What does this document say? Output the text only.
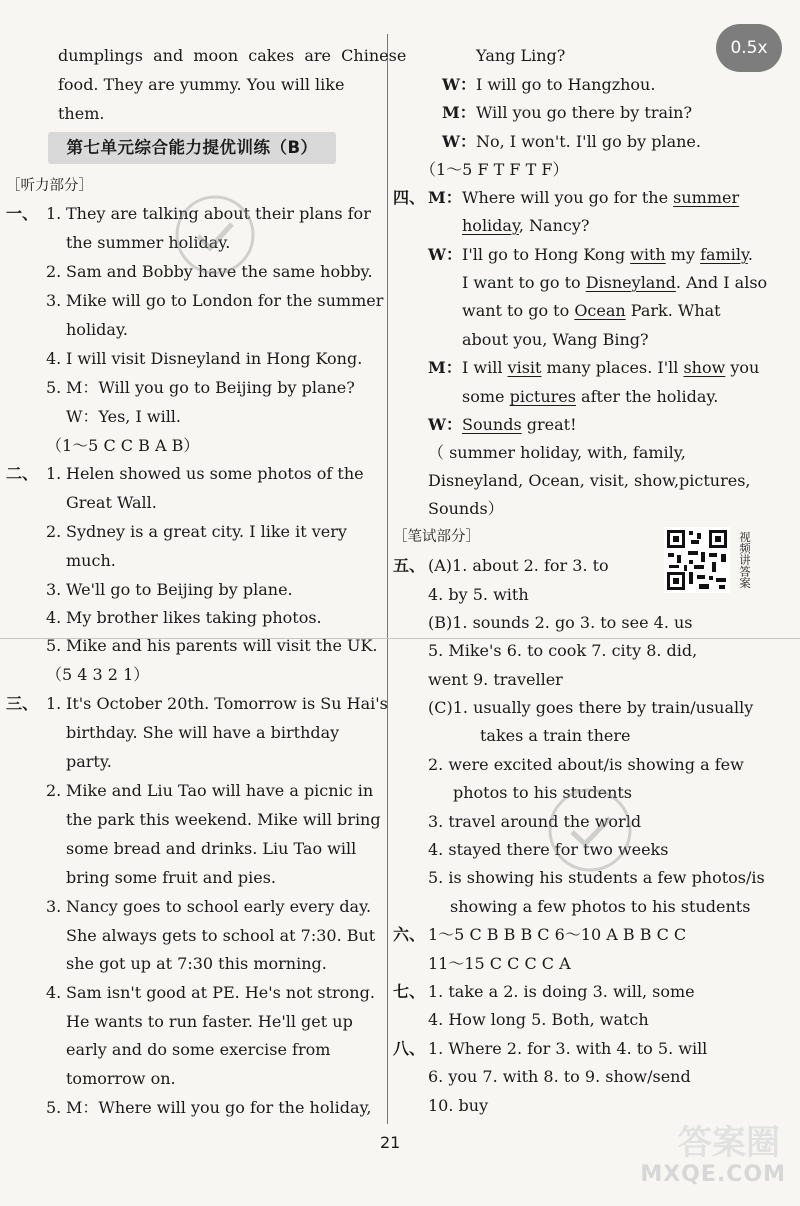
0.5x
dumplings  and  moon  cakes  are  Chinese
food. They are yummy. You will like
them.
第七单元综合能力提优训练（B）
［听力部分］
一、 1. They are talking about their plans for
the summer holiday.
2. Sam and Bobby have the same hobby.
3. Mike will go to London for the summer
holiday.
4. I will visit Disneyland in Hong Kong.
5. M：Will you go to Beijing by plane?
W：Yes, I will.
（1～5 C C B A B）
二、 1. Helen showed us some photos of the
Great Wall.
2. Sydney is a great city. I like it very
much.
3. We'll go to Beijing by plane.
4. My brother likes taking photos.
5. Mike and his parents will visit the UK.
（5 4 3 2 1）
三、 1. It's October 20th. Tomorrow is Su Hai's
birthday. She will have a birthday
party.
2. Mike and Liu Tao will have a picnic in
the park this weekend. Mike will bring
some bread and drinks. Liu Tao will
bring some fruit and pies.
3. Nancy goes to school early every day.
She always gets to school at 7:30. But
she got up at 7:30 this morning.
4. Sam isn't good at PE. He's not strong.
He wants to run faster. He'll get up
early and do some exercise from
tomorrow on.
5. M：Where will you go for the holiday,
Yang Ling?
W： I will go to Hangzhou.
M： Will you go there by train?
W： No, I won't. I'll go by plane.
（1～5 F T F T F）
四、 M： Where will you go for the summer
holiday, Nancy?
W： I'll go to Hong Kong with my family.
I want to go to Disneyland. And I also
want to go to Ocean Park. What
about you, Wang Bing?
M： I will visit many places. I'll show you
some pictures after the holiday.
W： Sounds great!
（ summer holiday, with, family,
Disneyland, Ocean, visit, show,pictures,
Sounds）
［笔试部分］	视频讲答案
五、 (A)1. about 2. for 3. to
4. by 5. with
(B)1. sounds 2. go 3. to see 4. us
5. Mike's 6. to cook 7. city 8. did,
went 9. traveller
(C)1. usually goes there by train/usually
takes a train there
2. were excited about/is showing a few
photos to his students
3. travel around the world
4. stayed there for two weeks
5. is showing his students a few photos/is
showing a few photos to his students
六、 1～5 C B B B C 6～10 A B B C C
11～15 C C C C A
七、 1. take a 2. is doing 3. will, some
4. How long 5. Both, watch
八、 1. Where 2. for 3. with 4. to 5. will
6. you 7. with 8. to 9. show/send
10. buy
21	答案圈
MXQE.COM
